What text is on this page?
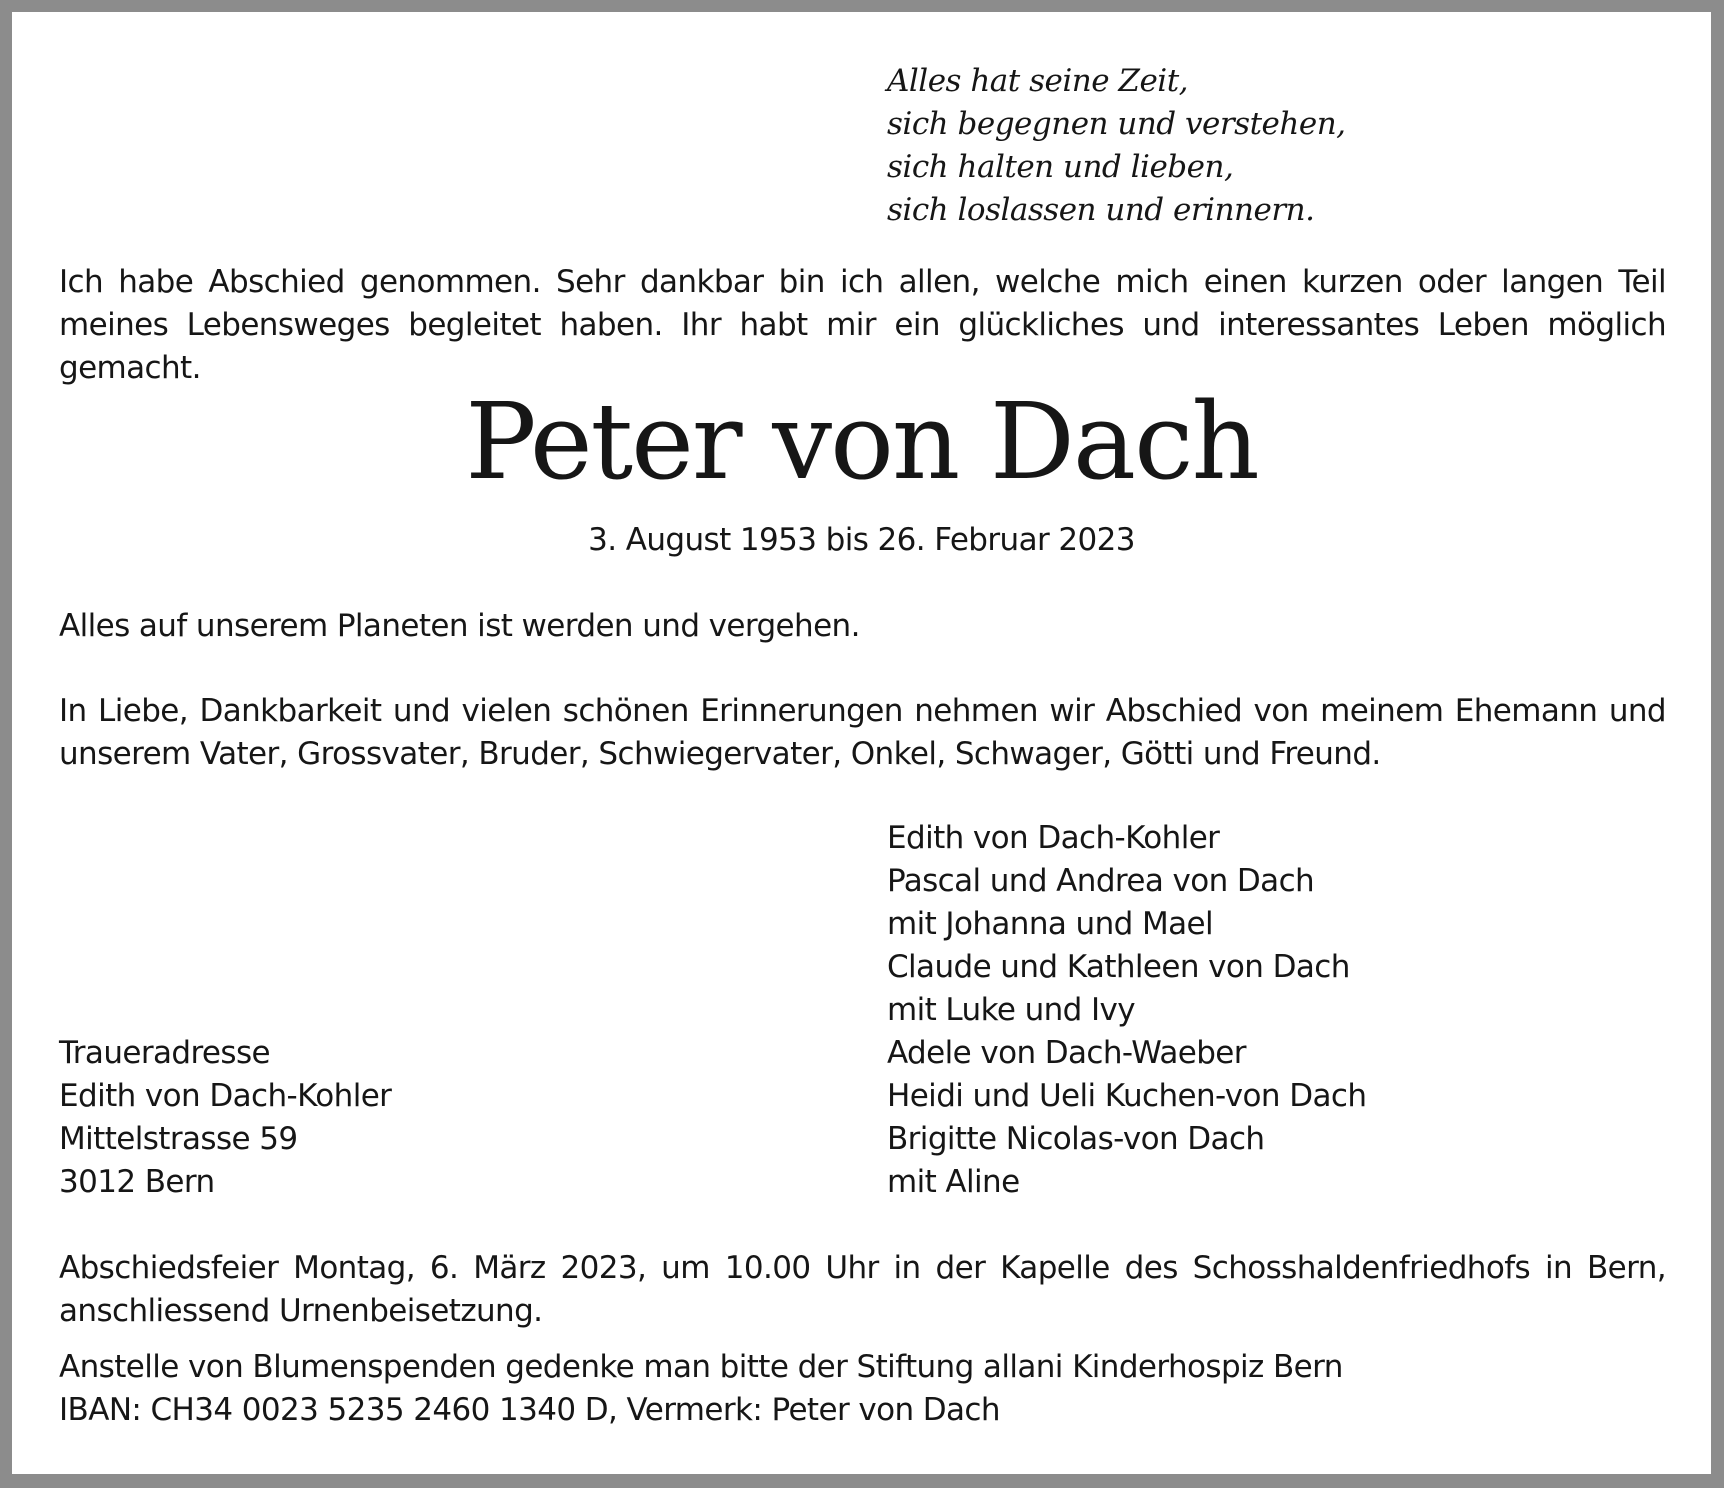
Alles hat seine Zeit,
sich begegnen und verstehen,
sich halten und lieben,
sich loslassen und erinnern.
Ich habe Abschied genommen. Sehr dankbar bin ich allen, welche mich einen kurzen oder langen Teil meines Lebensweges begleitet haben. Ihr habt mir ein glückliches und interessantes Leben möglich gemacht.
Peter von Dach
3. August 1953 bis 26. Februar 2023
Alles auf unserem Planeten ist werden und vergehen.
In Liebe, Dankbarkeit und vielen schönen Erinnerungen nehmen wir Abschied von meinem Ehemann und unserem Vater, Grossvater, Bruder, Schwiegervater, Onkel, Schwager, Götti und Freund.
Edith von Dach-Kohler
Pascal und Andrea von Dach
mit Johanna und Mael
Claude und Kathleen von Dach
mit Luke und Ivy
Adele von Dach-Waeber
Heidi und Ueli Kuchen-von Dach
Brigitte Nicolas-von Dach
mit Aline
Traueradresse
Edith von Dach-Kohler
Mittelstrasse 59
3012 Bern
Abschiedsfeier Montag, 6. März 2023, um 10.00 Uhr in der Kapelle des Schosshaldenfriedhofs in Bern, anschliessend Urnenbeisetzung.
Anstelle von Blumenspenden gedenke man bitte der Stiftung allani Kinderhospiz Bern
IBAN: CH34 0023 5235 2460 1340 D, Vermerk: Peter von Dach
